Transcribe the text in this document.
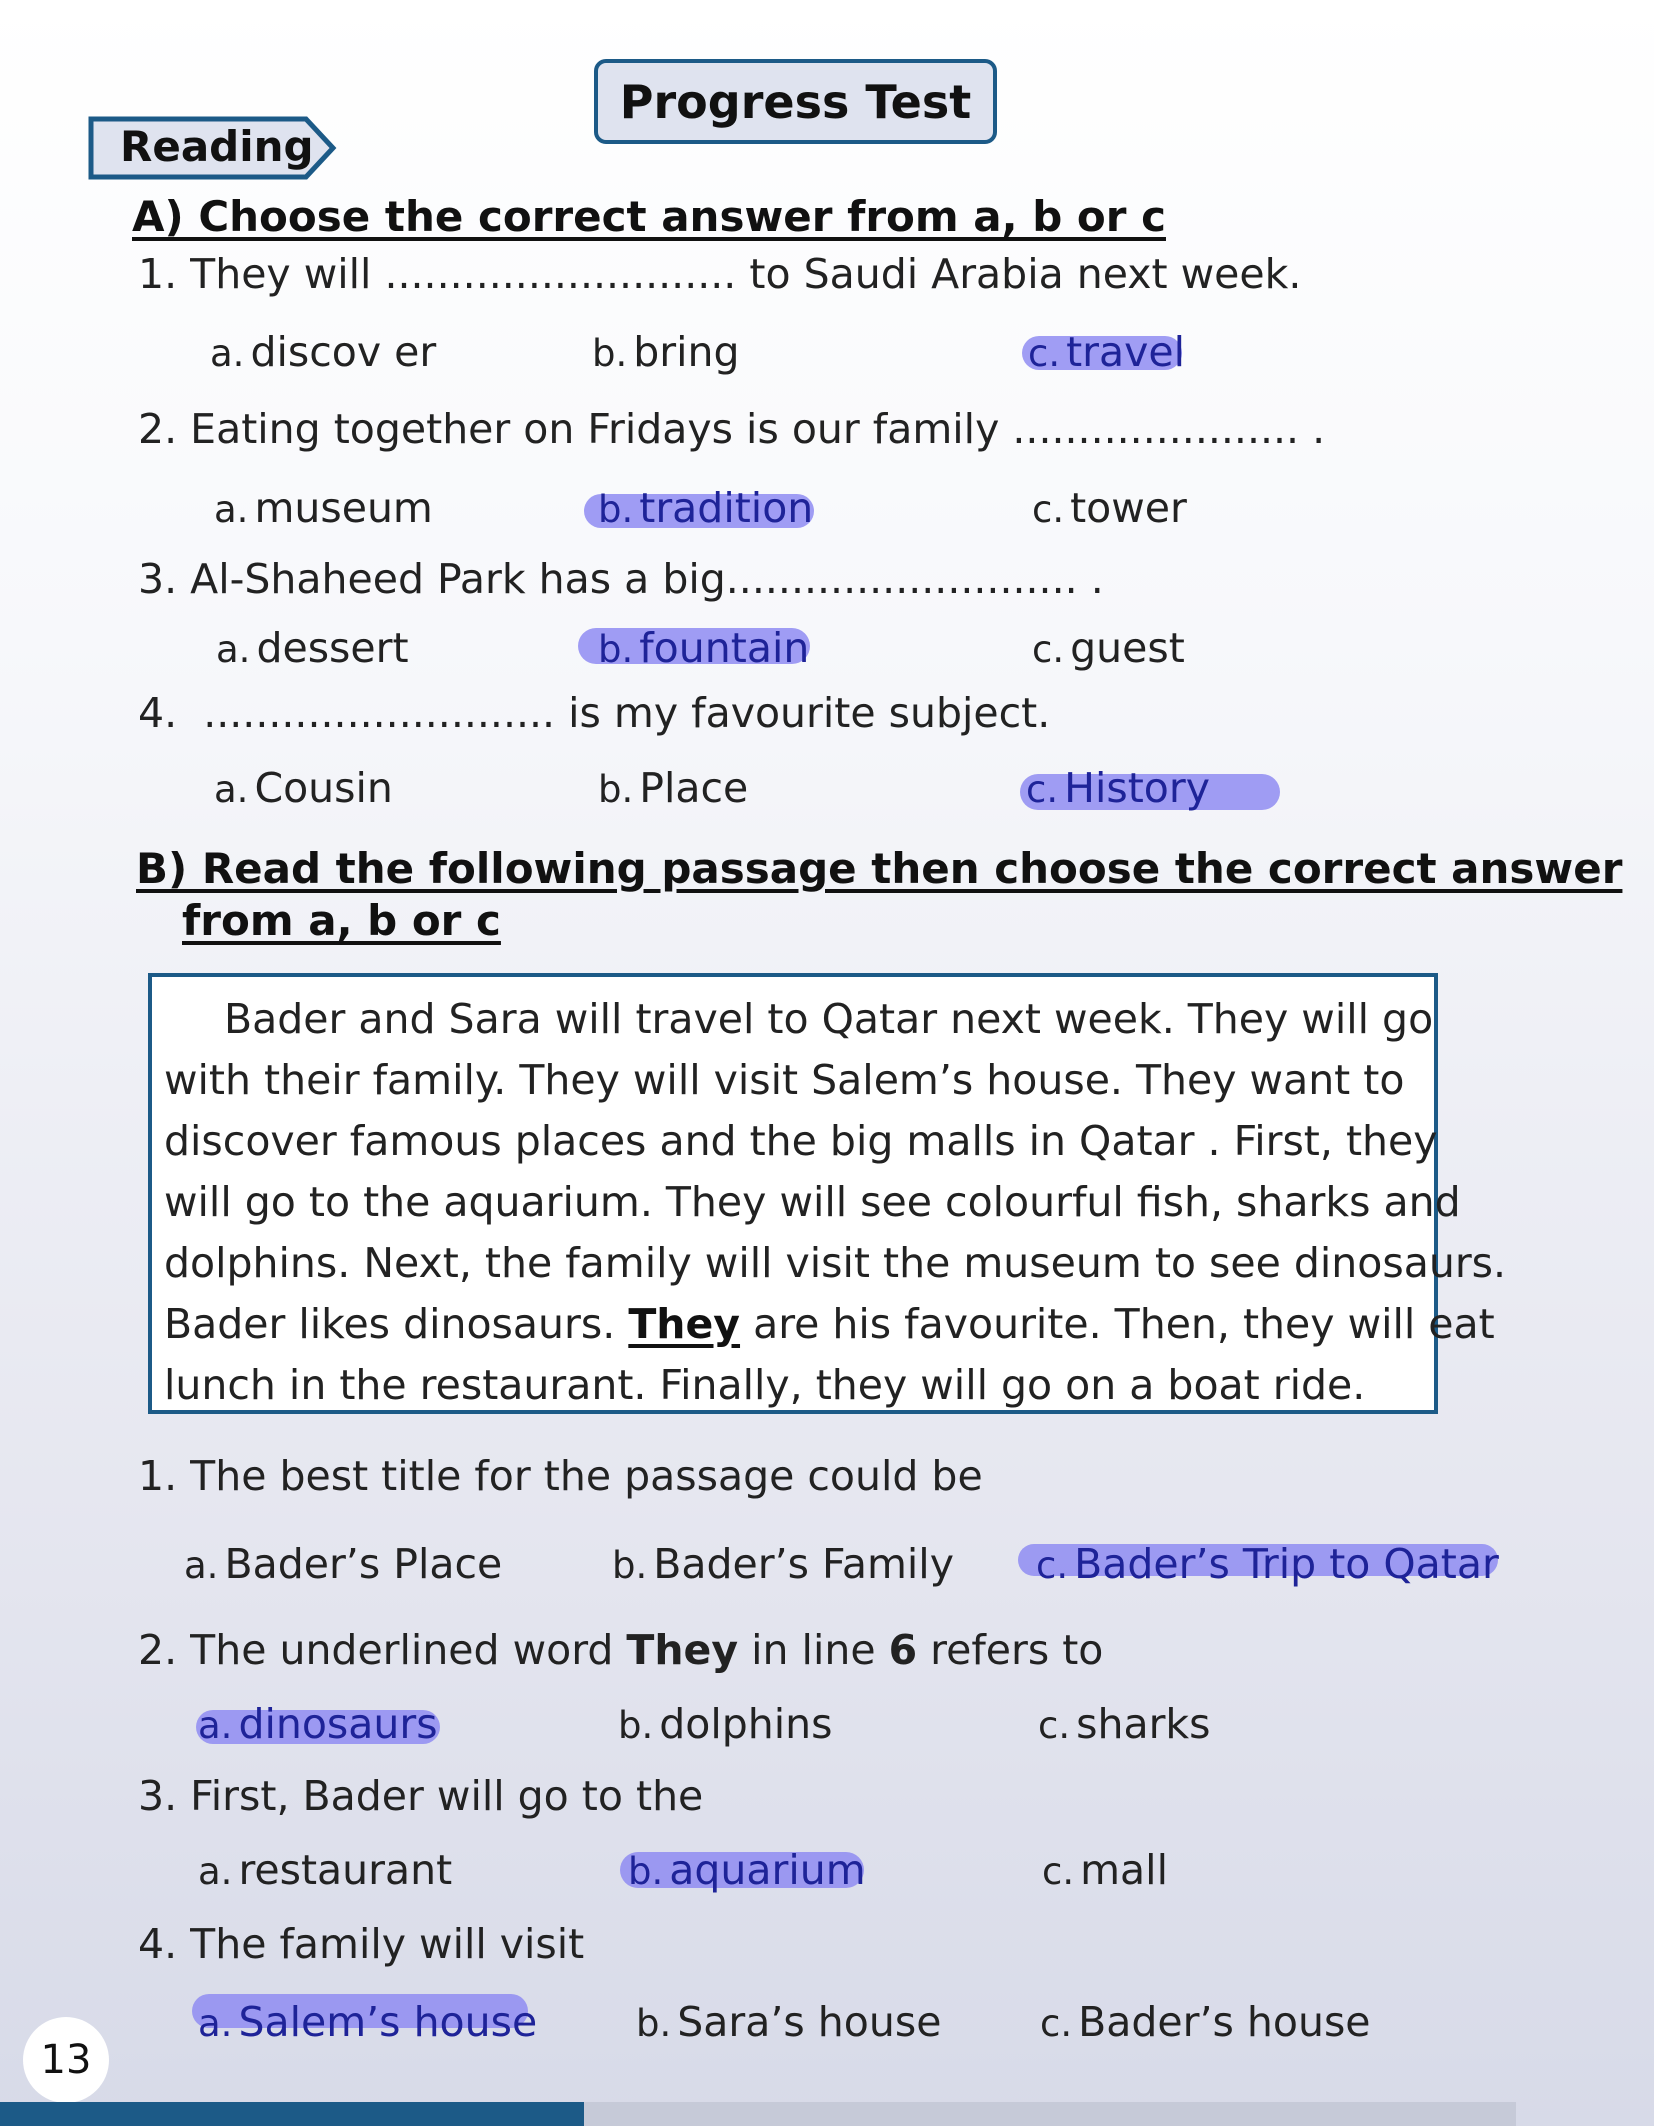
Progress Test
Reading
A) Choose the correct answer from a, b or c
1. They will ........................... to Saudi Arabia next week.
a. discov er	b. bring	c. travel
2. Eating together on Fridays is our family ...................... .
a. museum	b. tradition	c. tower
3. Al-Shaheed Park has a big........................... .
a. dessert	b. fountain	c. guest
4. ........................... is my favourite subject.
a. Cousin	b. Place	c. History
B) Read the following passage then choose the correct answer
from a, b or c
Bader and Sara will travel to Qatar next week. They will go
with their family. They will visit Salem’s house. They want to
discover famous places and the big malls in Qatar . First, they
will go to the aquarium. They will see colourful fish, sharks and
dolphins. Next, the family will visit the museum to see dinosaurs.
Bader likes dinosaurs. They are his favourite. Then, they will eat
lunch in the restaurant. Finally, they will go on a boat ride.
1. The best title for the passage could be
a. Bader’s Place	b. Bader’s Family c. Bader’s Trip to Qatar
2. The underlined word They in line 6 refers to
a. dinosaurs	b. dolphins	c. sharks
3. First, Bader will go to the
a. restaurant	b. aquarium	c. mall
4. The family will visit
a. Salem’s house	b. Sara’s house	c. Bader’s house
13
